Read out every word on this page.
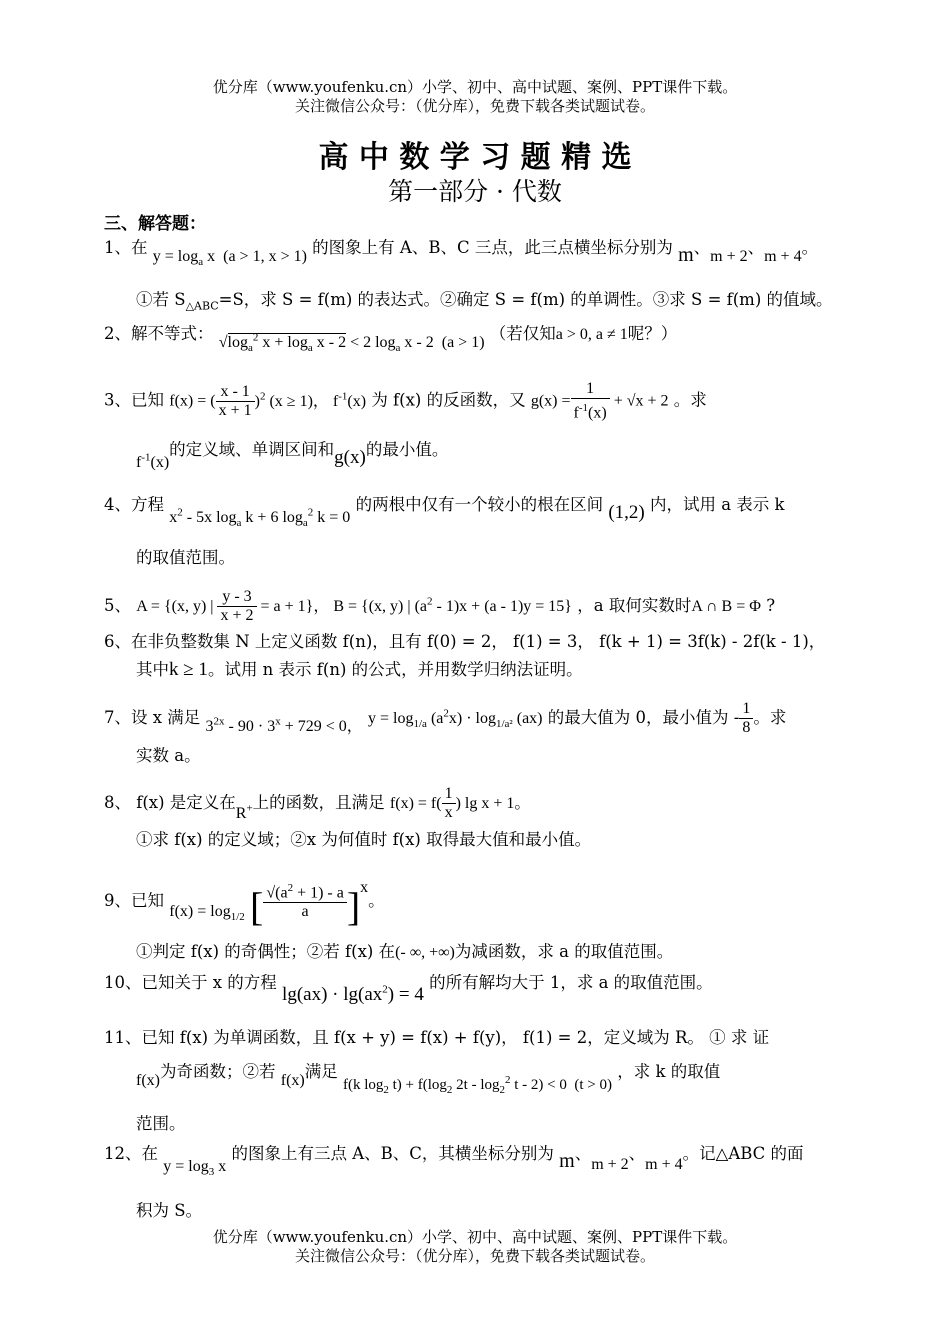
优分库（www.youfenku.cn）小学、初中、高中试题、案例、PPT课件下载。
关注微信公众号：（优分库），免费下载各类试题试卷。
高 中 数 学 习 题 精 选
第一部分 · 代数
三、解答题：
1、在 $y = \log_a x$  (a > 1, x > 1) 的图象上有 A、B、C 三点，此三点横坐标分别为 m、m + 2、m + 4。
①若 $S_{\triangle ABC}=S$，求 S = f(m) 的表达式。②确定 S = f(m) 的单调性。③求 S = f(m) 的值域。
2、解不等式： $√\log_a^2$ $x + \log_a x - 2 < 2$ $\log_a x - 2$  (a > 1) （若仅知a > 0, a ≠ 1呢？）
3、已知 f(x) = ( $\frac{x - 1}{x + 1} )^2$ (x ≥ 1)， $f^{-1}(x)$ 为 f(x) 的反函数，又 $g(x) = \frac{1}{f^{-1}(x)} + √x + 2$ 。求
$f^{-1}(x)$的定义域、单调区间和g(x)的最小值。
4、方程 $x^2 - 5x$ $\log_a k + 6$ $\log_a^2 k = 0$ 的两根中仅有一个较小的根在区间 (1,2) 内，试用 a 表示 k
的取值范围。
5、 A = {(x, y) | $\frac{y - 3}{x + 2} = a + 1$}， B = {(x, y) | $(a^2 - 1)x + (a - 1)y = 15$} ，a 取何实数时A ∩ B = Φ ?
6、在非负整数集 N 上定义函数 f(n)，且有 f(0) = 2， f(1) = 3， f(k + 1) = 3f(k) - 2f(k - 1)，
其中k ≥ 1。试用 n 表示 f(n) 的公式，并用数学归纳法证明。
7、设 x 满足 $3^{2x} - 90 \cdot 3^x + 729 < 0$， $y = \log_{1/a} (a^2x) \cdot \log_{1/a^2} (ax)$ 的最大值为 0，最小值为 - $\frac{1}{8}$ 。求
实数 a。
8、 f(x) 是定义在R+上的函数，且满足 $f(x) = f( \frac{1}{x}$ ) lg x + 1。
①求 f(x) 的定义域；②x 为何值时 f(x) 取得最大值和最小值。
9、已知 $f(x) = \log_{1/2}$ [ $\frac{√(a^2 + 1) - a}{a} ]^x$。
①判定 f(x) 的奇偶性；②若 f(x) 在(- ∞, +∞)为减函数，求 a 的取值范围。
10、已知关于 x 的方程 $\lg(ax) \cdot \lg(ax^2) = 4$ 的所有解均大于 1，求 a 的取值范围。
11、已知 f(x) 为单调函数，且 f(x + y) = f(x) + f(y)， f(1) = 2，定义域为 R。 ① 求 证
f(x)为奇函数；②若 f(x)满足 f(k $\log_2 t) + f(\log_2$ $2t - \log_2^2 t - 2) < 0$  (t > 0) ，求 k 的取值
范围。
12、在 $y = \log_3 x$ 的图象上有三点 A、B、C，其横坐标分别为 m、m + 2、m + 4。记△ABC 的面
积为 S。
优分库（www.youfenku.cn）小学、初中、高中试题、案例、PPT课件下载。
关注微信公众号：（优分库），免费下载各类试题试卷。
